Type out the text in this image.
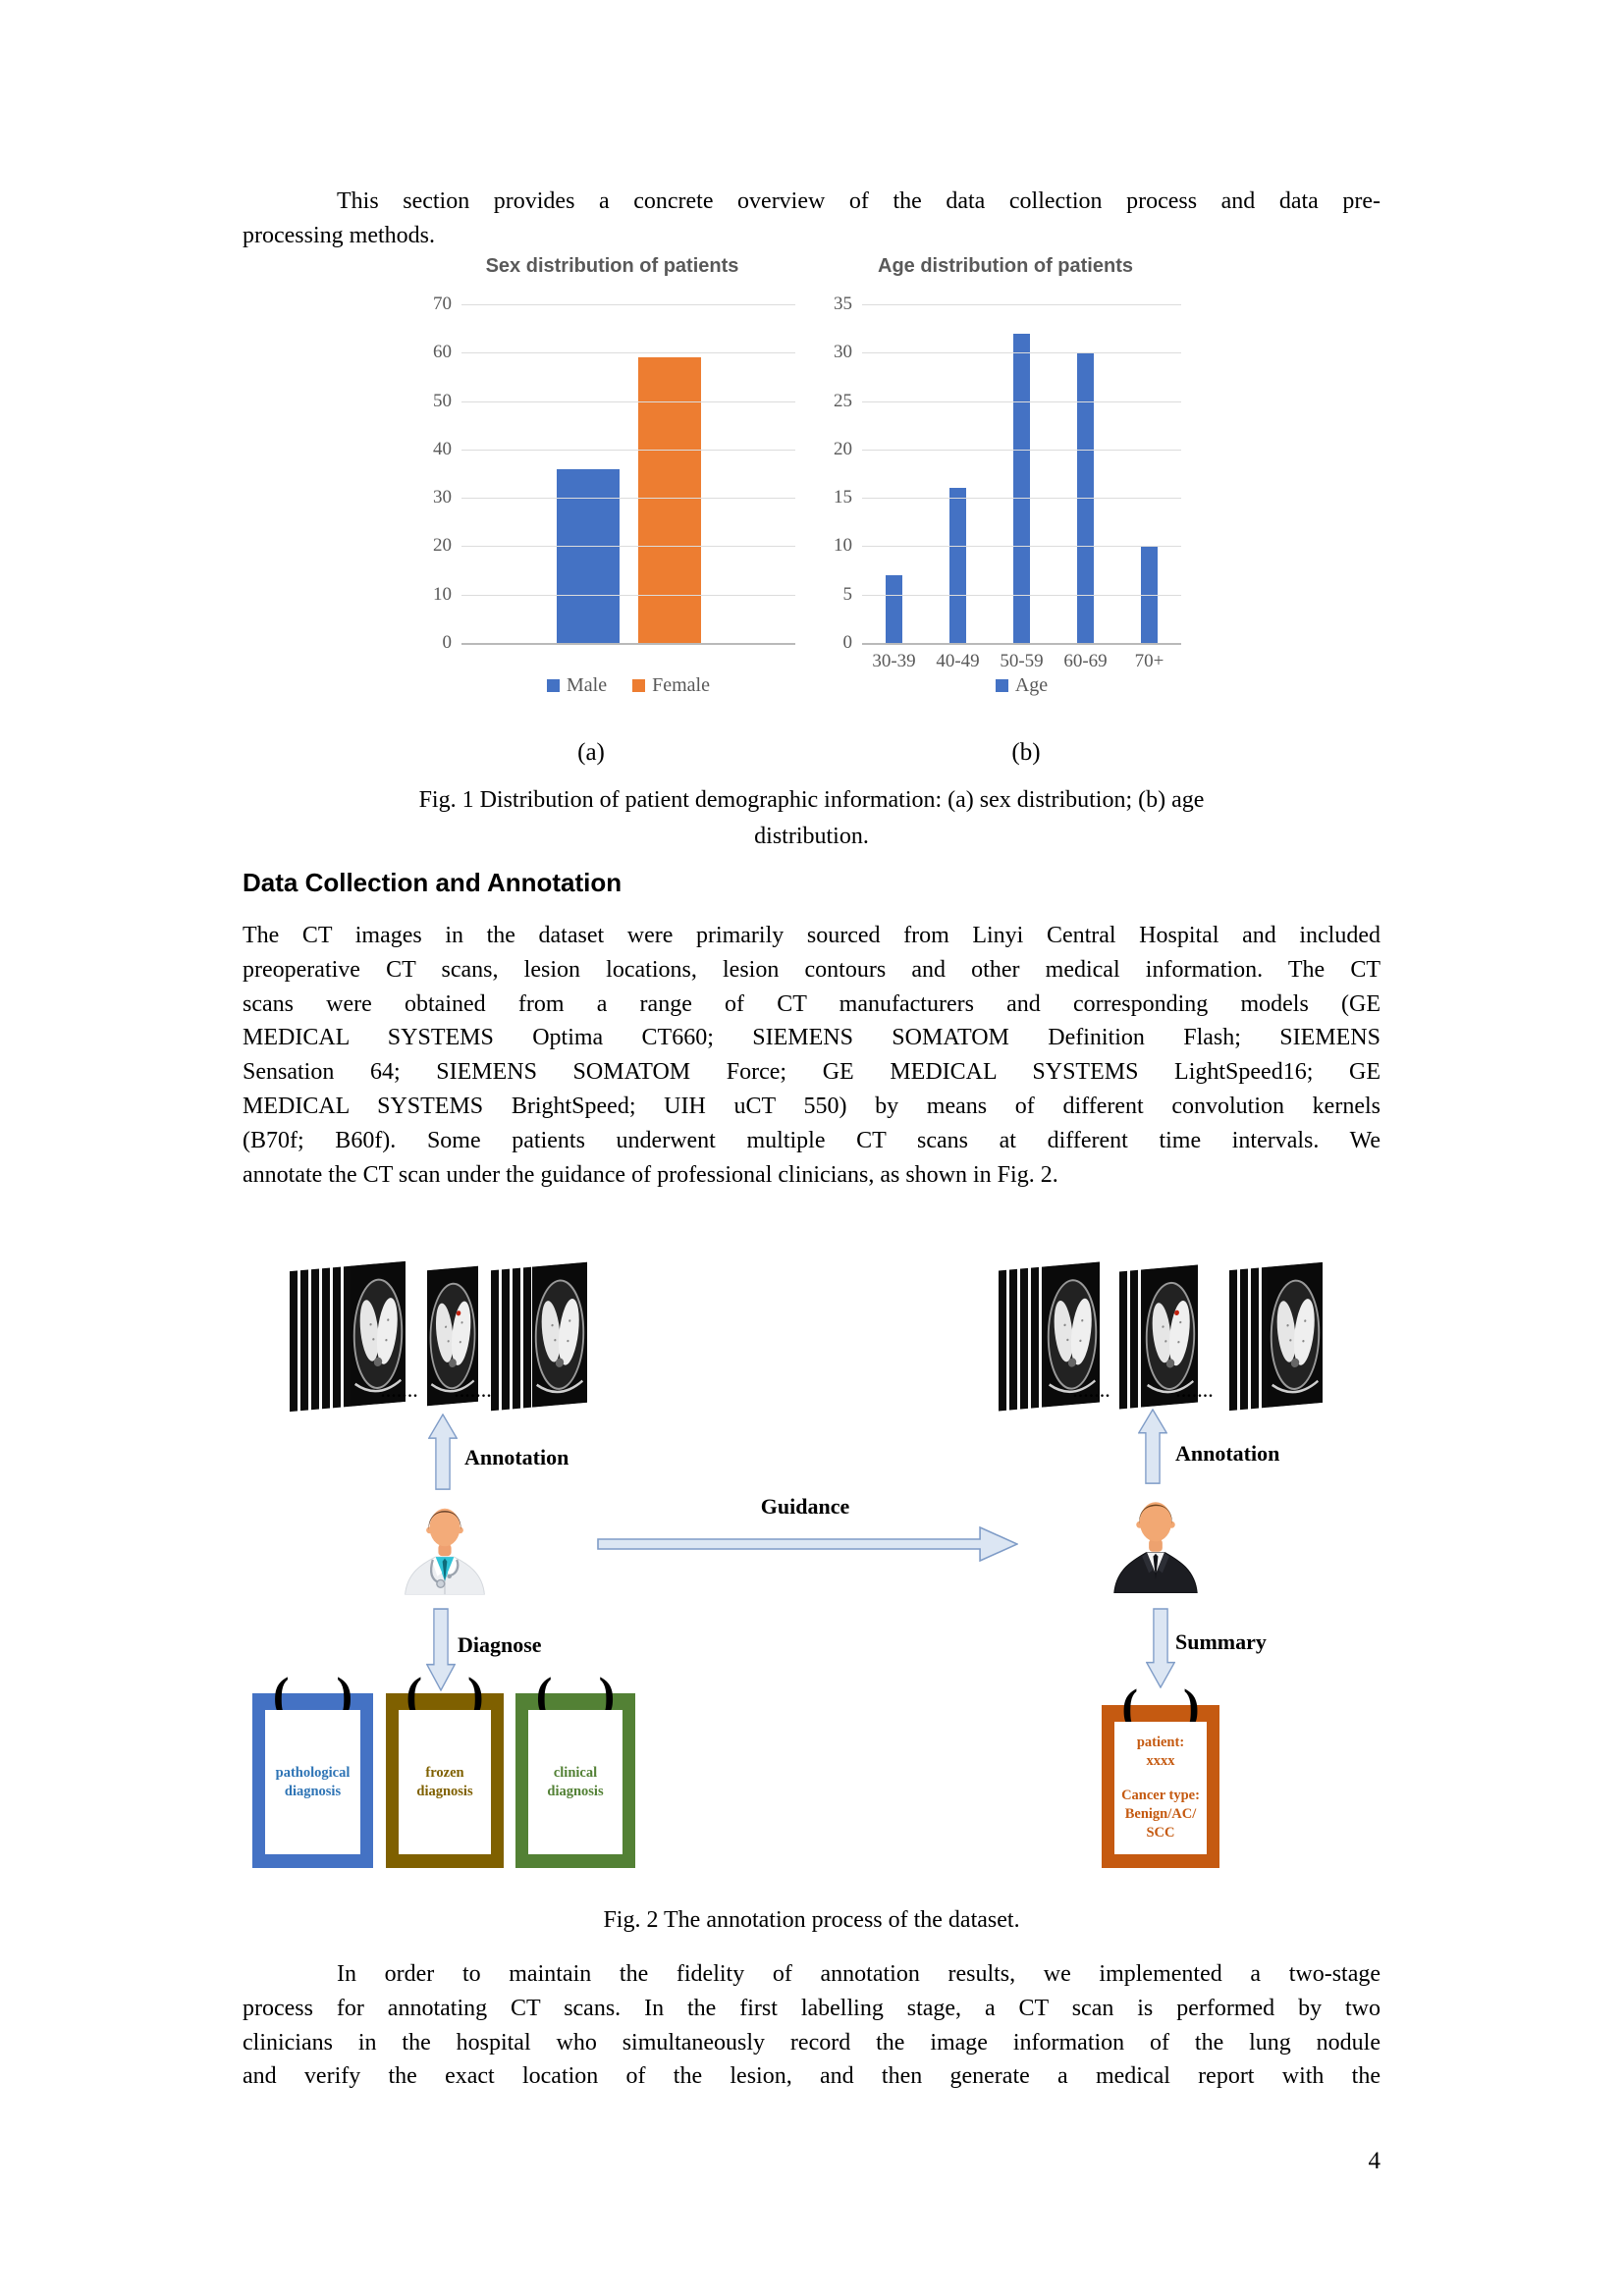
This section provides a concrete overview of the data collection process and data pre-
processing methods.
Sex distribution of patients
0
10
20
30
40
50
60
70
Male Female
Age distribution of patients
0
5
10
15
20
25
30
35
30-39	40-49	50-59	60-69	70+
Age
(a)	(b)
Fig. 1 Distribution of patient demographic information: (a) sex distribution; (b) age
distribution.
Data Collection and Annotation
The CT images in the dataset were primarily sourced from Linyi Central Hospital and included
preoperative CT scans, lesion locations, lesion contours and other medical information. The CT
scans were obtained from a range of CT manufacturers and corresponding models (GE
MEDICAL SYSTEMS Optima CT660; SIEMENS SOMATOM Definition Flash; SIEMENS
Sensation 64; SIEMENS SOMATOM Force; GE MEDICAL SYSTEMS LightSpeed16; GE
MEDICAL SYSTEMS BrightSpeed; UIH uCT 550) by means of different convolution kernels
(B70f; B60f). Some patients underwent multiple CT scans at different time intervals. We
annotate the CT scan under the guidance of professional clinicians, as shown in Fig. 2.
....... .......
Annotation
Guidance
Diagnose
(
)
pathological
diagnosis
(
)
frozen
diagnosis
(
)
clinical
diagnosis
.......	.......
Annotation
Summary
(
)
patient:
xxxx
Cancer type:
Benign/AC/
SCC
Fig. 2 The annotation process of the dataset.
In order to maintain the fidelity of annotation results, we implemented a two-stage
process for annotating CT scans. In the first labelling stage, a CT scan is performed by two
clinicians in the hospital who simultaneously record the image information of the lung nodule
and verify the exact location of the lesion, and then generate a medical report with the
4
